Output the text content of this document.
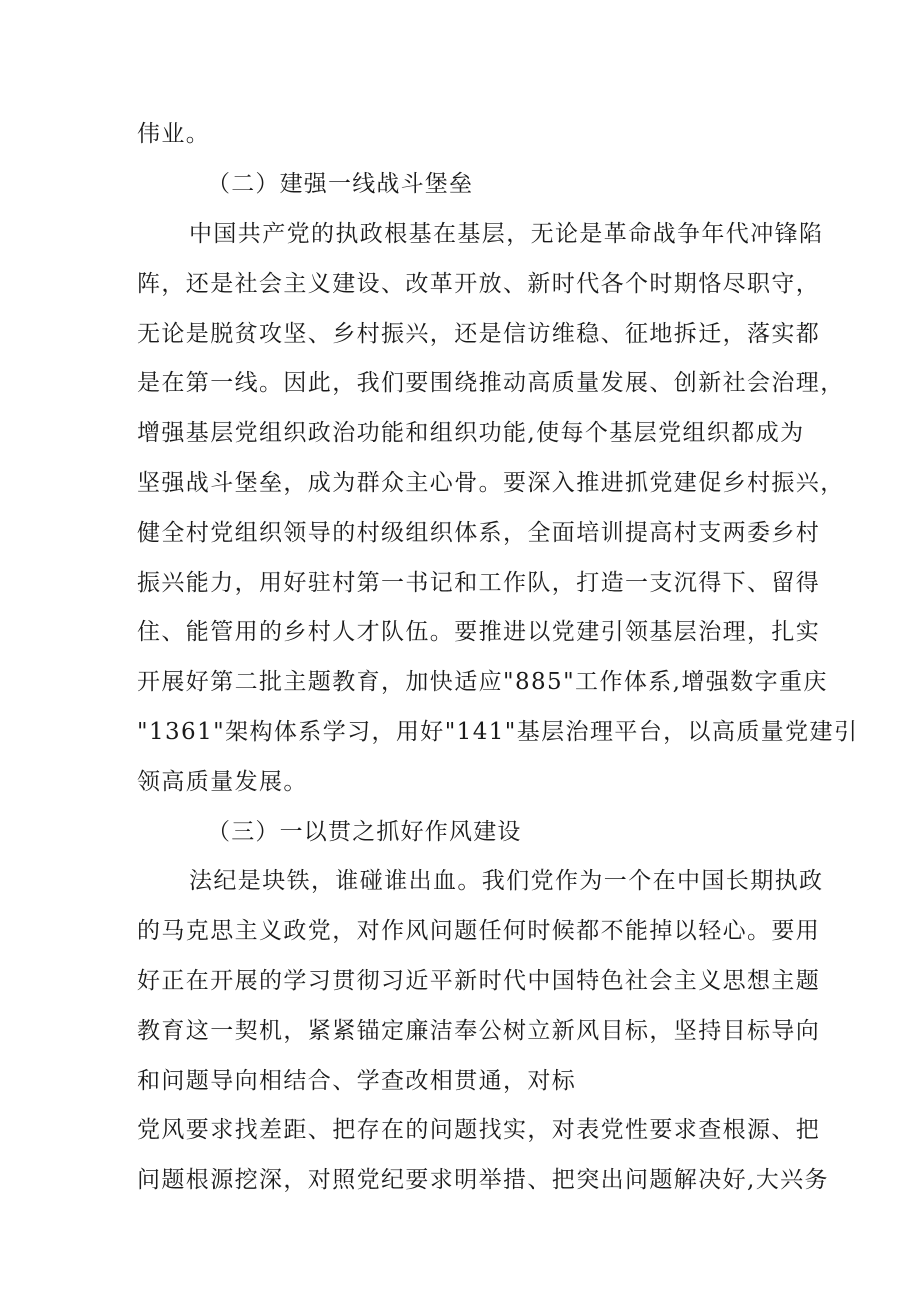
伟业。
（二）建强一线战斗堡垒
中国共产党的执政根基在基层，无论是革命战争年代冲锋陷
阵，还是社会主义建设、改革开放、新时代各个时期恪尽职守，
无论是脱贫攻坚、乡村振兴，还是信访维稳、征地拆迁，落实都
是在第一线。因此，我们要围绕推动高质量发展、创新社会治理，
增强基层党组织政治功能和组织功能,使每个基层党组织都成为
坚强战斗堡垒，成为群众主心骨。要深入推进抓党建促乡村振兴，
健全村党组织领导的村级组织体系，全面培训提高村支两委乡村
振兴能力，用好驻村第一书记和工作队，打造一支沉得下、留得
住、能管用的乡村人才队伍。要推进以党建引领基层治理，扎实
开展好第二批主题教育，加快适应"885"工作体系,增强数字重庆
"1361"架构体系学习，用好"141"基层治理平台，以高质量党建引
领高质量发展。
（三）一以贯之抓好作风建设
法纪是块铁，谁碰谁出血。我们党作为一个在中国长期执政
的马克思主义政党，对作风问题任何时候都不能掉以轻心。要用
好正在开展的学习贯彻习近平新时代中国特色社会主义思想主题
教育这一契机，紧紧锚定廉洁奉公树立新风目标，坚持目标导向
和问题导向相结合、学查改相贯通，对标
党风要求找差距、把存在的问题找实，对表党性要求查根源、把
问题根源挖深，对照党纪要求明举措、把突出问题解决好,大兴务
